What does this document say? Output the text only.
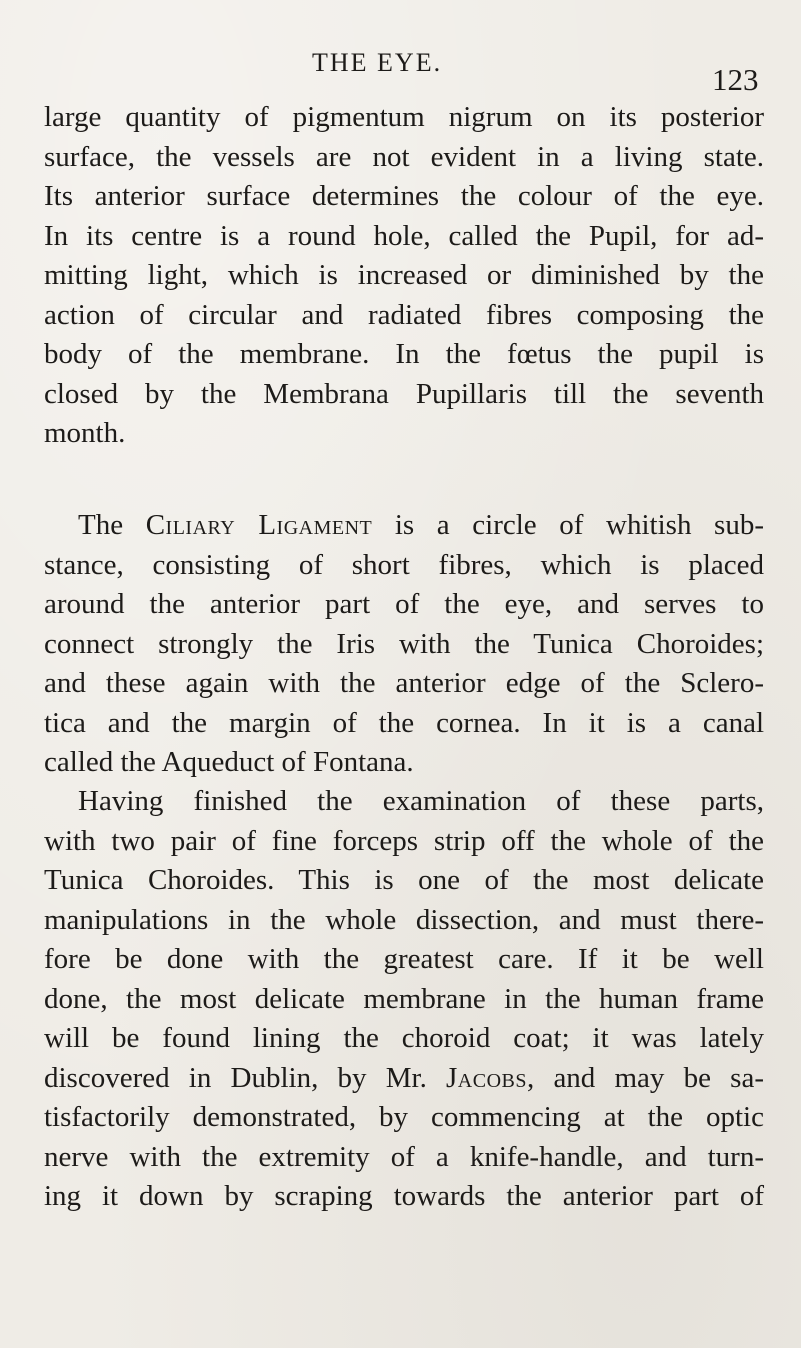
THE EYE.	123
large quantity of pigmentum nigrum on its posterior
surface, the vessels are not evident in a living state.
Its anterior surface determines the colour of the eye.
In its centre is a round hole, called the Pupil, for ad-
mitting light, which is increased or diminished by the
action of circular and radiated fibres composing the
body of the membrane. In the fœtus the pupil is
closed by the Membrana Pupillaris till the seventh
month.
The Ciliary Ligament is a circle of whitish sub-
stance, consisting of short fibres, which is placed
around the anterior part of the eye, and serves to
connect strongly the Iris with the Tunica Choroides;
and these again with the anterior edge of the Sclero-
tica and the margin of the cornea. In it is a canal
called the Aqueduct of Fontana.
Having finished the examination of these parts,
with two pair of fine forceps strip off the whole of the
Tunica Choroides. This is one of the most delicate
manipulations in the whole dissection, and must there-
fore be done with the greatest care. If it be well
done, the most delicate membrane in the human frame
will be found lining the choroid coat; it was lately
discovered in Dublin, by Mr. Jacobs, and may be sa-
tisfactorily demonstrated, by commencing at the optic
nerve with the extremity of a knife-handle, and turn-
ing it down by scraping towards the anterior part of
